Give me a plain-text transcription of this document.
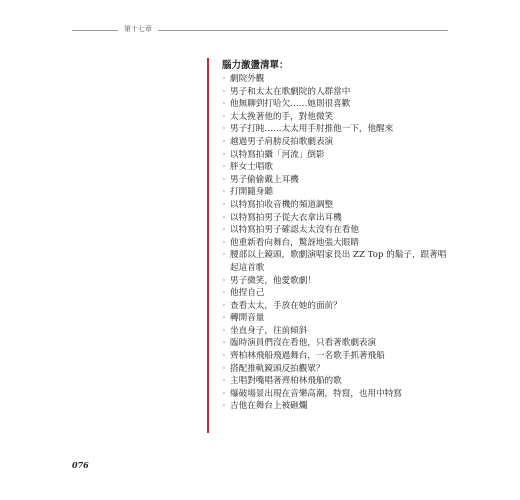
第十七章
腦力激盪清單：
· 劇院外觀
· 男子和太太在歌劇院的人群當中
· 他無聊到打哈欠……她則很喜歡
· 太太挽著他的手，對他微笑
· 男子打盹……太太用手肘推他一下，他醒來
· 越過男子肩膀反拍歌劇表演
· 以特寫拍攝「河流」倒影
· 胖女士唱歌
· 男子偷偷戴上耳機
· 打開隨身聽
· 以特寫拍收音機的頻道調整
· 以特寫拍男子從大衣拿出耳機
· 以特寫拍男子確認太太沒有在看他
· 他重新看向舞台，驚訝地張大眼睛
· 腰部以上鏡頭，歌劇演唱家長出 ZZ Top 的鬍子，跟著唱起這首歌
· 男子微笑，他愛歌劇！
· 他捏自己
· 查看太太，手放在她的面前？
· 轉開音量
· 坐直身子，往前傾斜
· 臨時演員們沒在看他，只看著歌劇表演
· 齊柏林飛船飛過舞台，一名歌手抓著飛船
· 搭配推軌鏡頭反拍觀眾？
· 主唱對嘴唱著齊柏林飛船的歌
· 爆破場景出現在音樂高潮，特寫，也用中特寫
· 吉他在舞台上被砸爛
076
